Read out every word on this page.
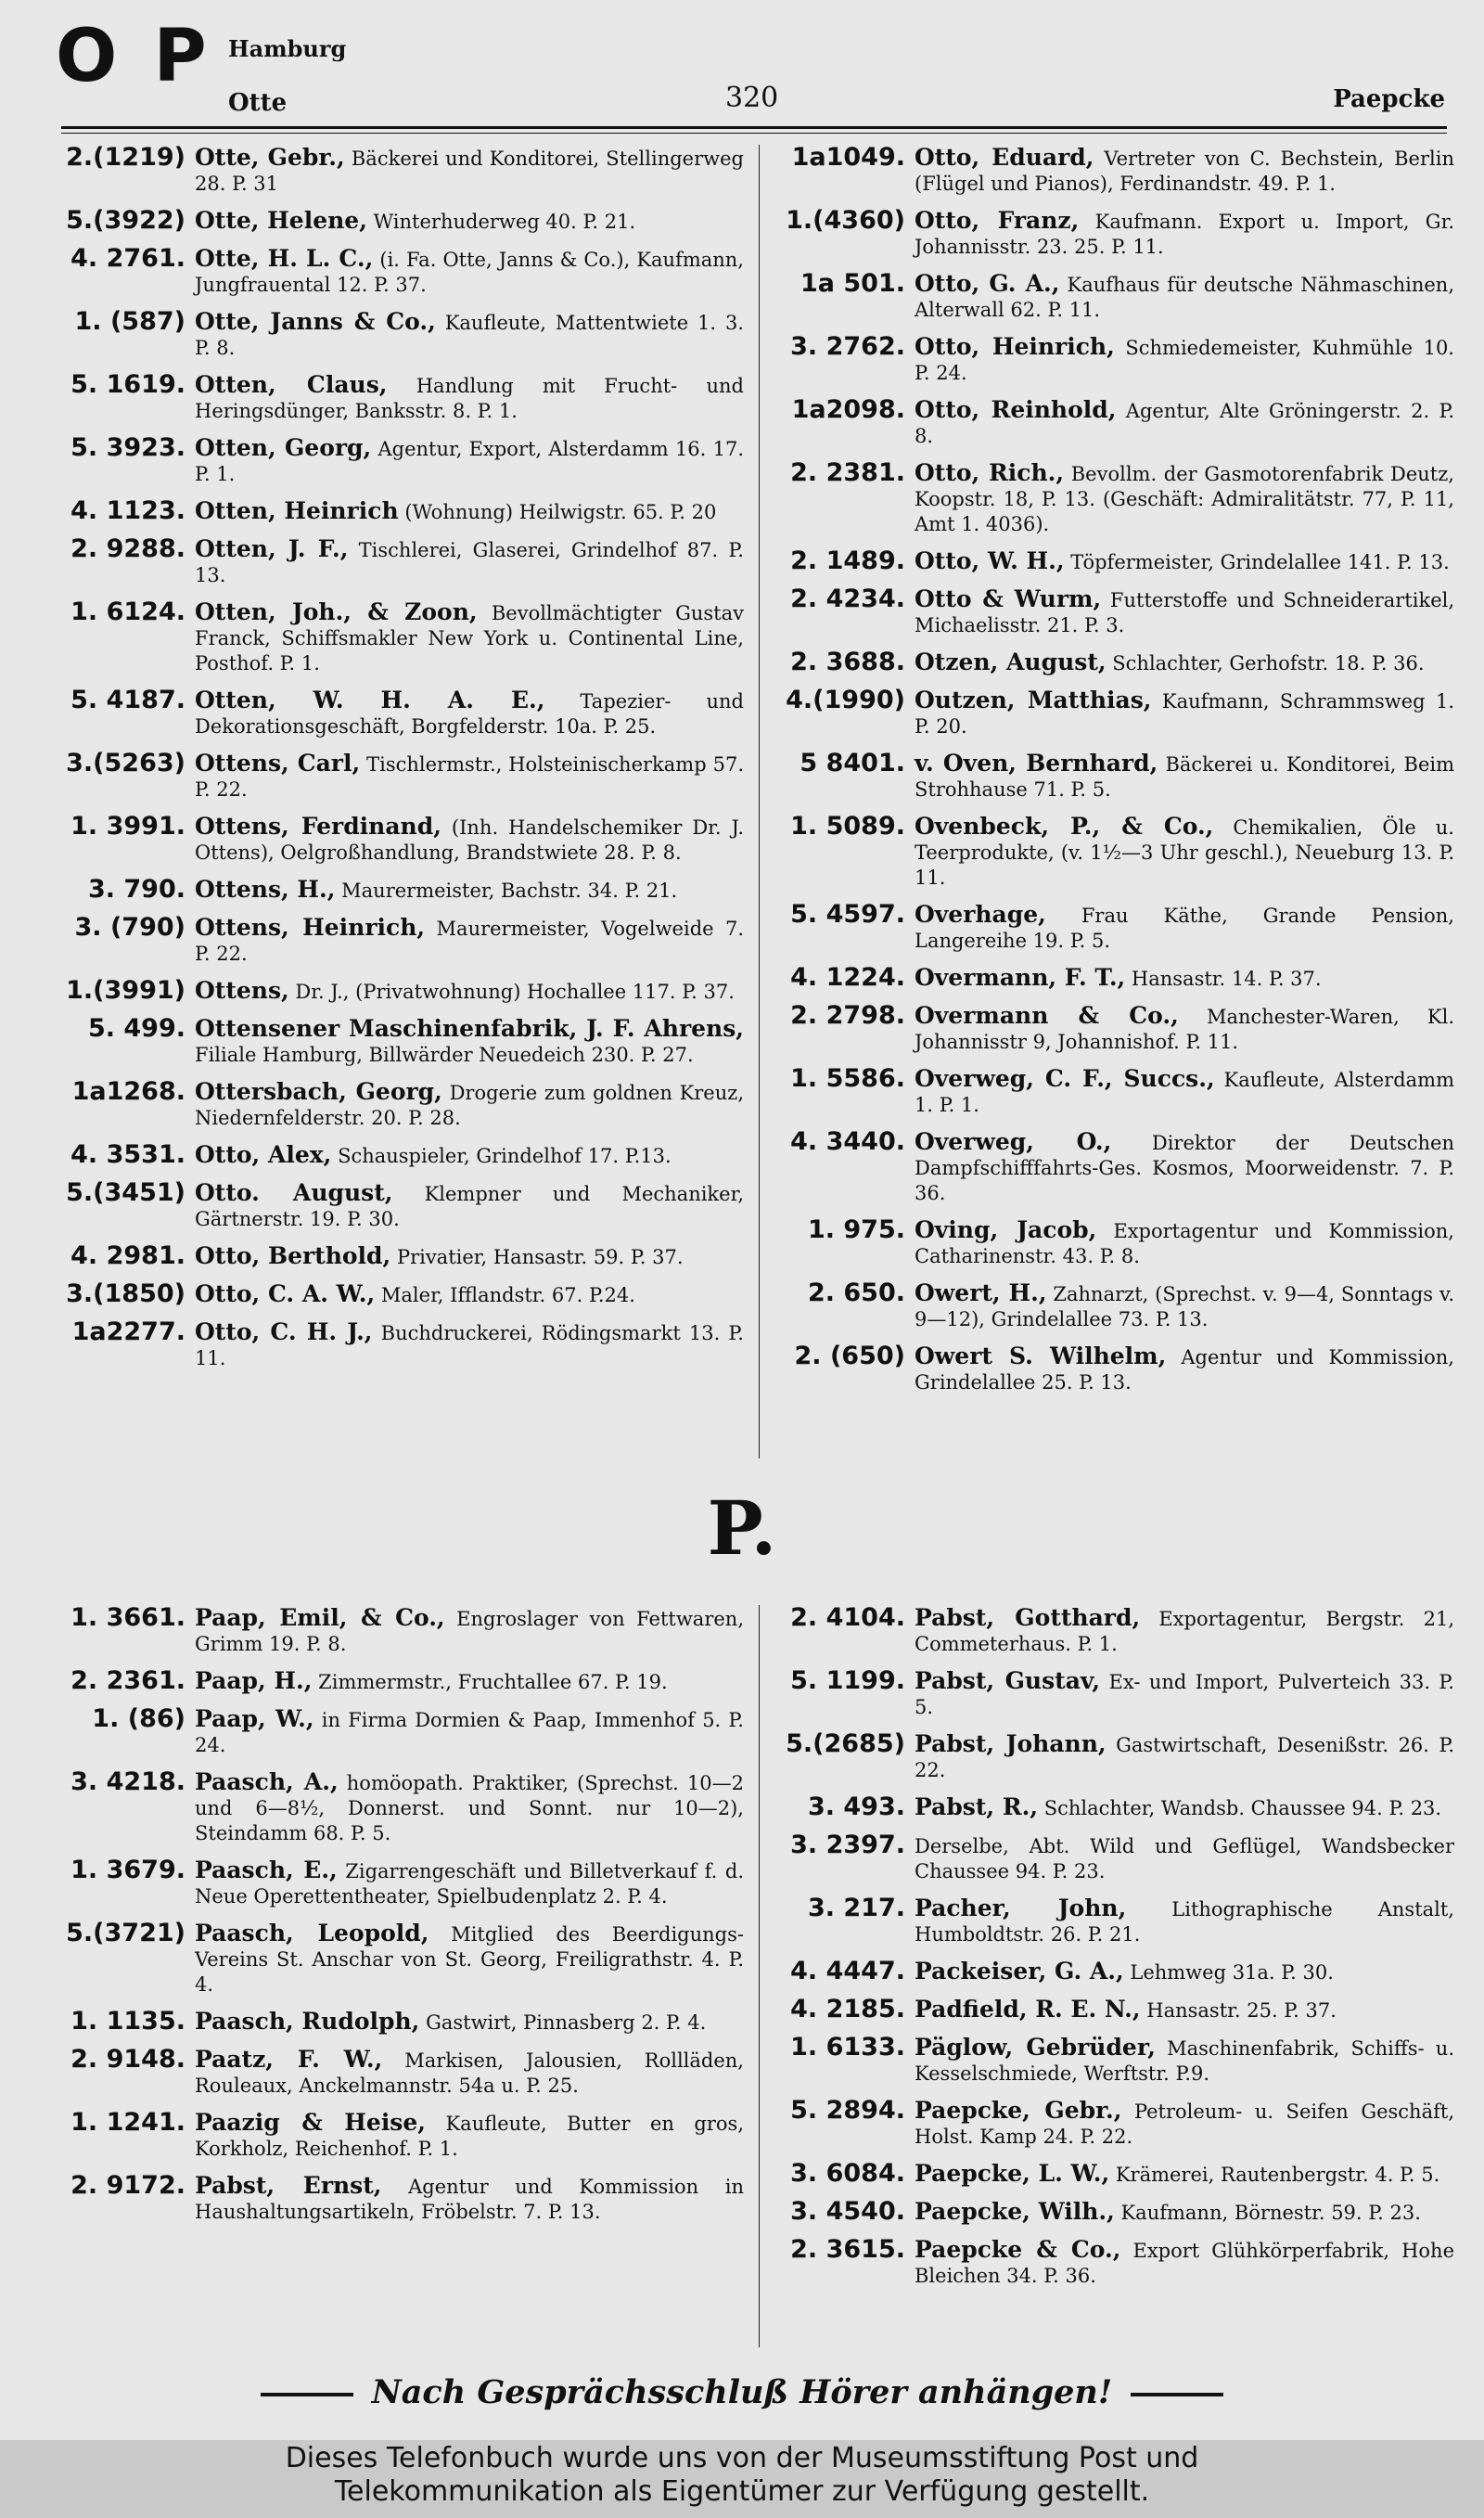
O P Hamburg
Otte	320	Paepcke
2.(1219) Otte, Gebr., Bäckerei und Konditorei, Stellingerweg 28. P. 31
5.(3922) Otte, Helene, Winterhuderweg 40. P. 21.
4. 2761. Otte, H. L. C., (i. Fa. Otte, Janns & Co.), Kaufmann, Jungfrauental 12. P. 37.
1. (587) Otte, Janns & Co., Kaufleute, Mattentwiete 1. 3. P. 8.
5. 1619. Otten, Claus, Handlung mit Frucht- und Heringsdünger, Banksstr. 8. P. 1.
5. 3923. Otten, Georg, Agentur, Export, Alsterdamm 16. 17. P. 1.
4. 1123. Otten, Heinrich (Wohnung) Heilwigstr. 65. P. 20
2. 9288. Otten, J. F., Tischlerei, Glaserei, Grindelhof 87. P. 13.
1. 6124. Otten, Joh., & Zoon, Bevollmächtigter Gustav Franck, Schiffsmakler New York u. Continental Line, Posthof. P. 1.
5. 4187. Otten, W. H. A. E., Tapezier- und Dekorationsgeschäft, Borgfelderstr. 10a. P. 25.
3.(5263) Ottens, Carl, Tischlermstr., Holsteinischerkamp 57. P. 22.
1. 3991. Ottens, Ferdinand, (Inh. Handelschemiker Dr. J. Ottens), Oelgroßhandlung, Brandstwiete 28. P. 8.
3. 790. Ottens, H., Maurermeister, Bachstr. 34. P. 21.
3. (790) Ottens, Heinrich, Maurermeister, Vogelweide 7. P. 22.
1.(3991) Ottens, Dr. J., (Privatwohnung) Hochallee 117. P. 37.
5. 499. Ottensener Maschinenfabrik, J. F. Ahrens, Filiale Hamburg, Billwärder Neuedeich 230. P. 27.
1a1268. Ottersbach, Georg, Drogerie zum goldnen Kreuz, Niedernfelderstr. 20. P. 28.
4. 3531. Otto, Alex, Schauspieler, Grindelhof 17. P.13.
5.(3451) Otto. August, Klempner und Mechaniker, Gärtnerstr. 19. P. 30.
4. 2981. Otto, Berthold, Privatier, Hansastr. 59. P. 37.
3.(1850) Otto, C. A. W., Maler, Ifflandstr. 67. P.24.
1a2277. Otto, C. H. J., Buchdruckerei, Rödingsmarkt 13. P. 11.
1a1049. Otto, Eduard, Vertreter von C. Bechstein, Berlin (Flügel und Pianos), Ferdinandstr. 49. P. 1.
1.(4360) Otto, Franz, Kaufmann. Export u. Import, Gr. Johannisstr. 23. 25. P. 11.
1a 501. Otto, G. A., Kaufhaus für deutsche Nähmaschinen, Alterwall 62. P. 11.
3. 2762. Otto, Heinrich, Schmiedemeister, Kuhmühle 10. P. 24.
1a2098. Otto, Reinhold, Agentur, Alte Gröningerstr. 2. P. 8.
2. 2381. Otto, Rich., Bevollm. der Gasmotorenfabrik Deutz, Koopstr. 18, P. 13. (Geschäft: Admiralitätstr. 77, P. 11, Amt 1. 4036).
2. 1489. Otto, W. H., Töpfermeister, Grindelallee 141. P. 13.
2. 4234. Otto & Wurm, Futterstoffe und Schneiderartikel, Michaelisstr. 21. P. 3.
2. 3688. Otzen, August, Schlachter, Gerhofstr. 18. P. 36.
4.(1990) Outzen, Matthias, Kaufmann, Schrammsweg 1. P. 20.
5 8401. v. Oven, Bernhard, Bäckerei u. Konditorei, Beim Strohhause 71. P. 5.
1. 5089. Ovenbeck, P., & Co., Chemikalien, Öle u. Teerprodukte, (v. 1½—3 Uhr geschl.), Neueburg 13. P. 11.
5. 4597. Overhage, Frau Käthe, Grande Pension, Langereihe 19. P. 5.
4. 1224. Overmann, F. T., Hansastr. 14. P. 37.
2. 2798. Overmann & Co., Manchester-Waren, Kl. Johannisstr 9, Johannishof. P. 11.
1. 5586. Overweg, C. F., Succs., Kaufleute, Alsterdamm 1. P. 1.
4. 3440. Overweg, O., Direktor der Deutschen Dampfschifffahrts-Ges. Kosmos, Moorweidenstr. 7. P. 36.
1. 975. Oving, Jacob, Exportagentur und Kommission, Catharinenstr. 43. P. 8.
2. 650. Owert, H., Zahnarzt, (Sprechst. v. 9—4, Sonntags v. 9—12), Grindelallee 73. P. 13.
2. (650) Owert S. Wilhelm, Agentur und Kommission, Grindelallee 25. P. 13.
P.
1. 3661. Paap, Emil, & Co., Engroslager von Fettwaren, Grimm 19. P. 8.
2. 2361. Paap, H., Zimmermstr., Fruchtallee 67. P. 19.
1. (86) Paap, W., in Firma Dormien & Paap, Immenhof 5. P. 24.
3. 4218. Paasch, A., homöopath. Praktiker, (Sprechst. 10—2 und 6—8½, Donnerst. und Sonnt. nur 10—2), Steindamm 68. P. 5.
1. 3679. Paasch, E., Zigarrengeschäft und Billetverkauf f. d. Neue Operettentheater, Spielbudenplatz 2. P. 4.
5.(3721) Paasch, Leopold, Mitglied des Beerdigungs-Vereins St. Anschar von St. Georg, Freiligrathstr. 4. P. 4.
1. 1135. Paasch, Rudolph, Gastwirt, Pinnasberg 2. P. 4.
2. 9148. Paatz, F. W., Markisen, Jalousien, Rollläden, Rouleaux, Anckelmannstr. 54a u. P. 25.
1. 1241. Paazig & Heise, Kaufleute, Butter en gros, Korkholz, Reichenhof. P. 1.
2. 9172. Pabst, Ernst, Agentur und Kommission in Haushaltungsartikeln, Fröbelstr. 7. P. 13.
2. 4104. Pabst, Gotthard, Exportagentur, Bergstr. 21, Commeterhaus. P. 1.
5. 1199. Pabst, Gustav, Ex- und Import, Pulverteich 33. P. 5.
5.(2685) Pabst, Johann, Gastwirtschaft, Desenißstr. 26. P. 22.
3. 493. Pabst, R., Schlachter, Wandsb. Chaussee 94. P. 23.
3. 2397. Derselbe, Abt. Wild und Geflügel, Wandsbecker Chaussee 94. P. 23.
3. 217. Pacher, John, Lithographische Anstalt, Humboldtstr. 26. P. 21.
4. 4447. Packeiser, G. A., Lehmweg 31a. P. 30.
4. 2185. Padfield, R. E. N., Hansastr. 25. P. 37.
1. 6133. Päglow, Gebrüder, Maschinenfabrik, Schiffs- u. Kesselschmiede, Werftstr. P.9.
5. 2894. Paepcke, Gebr., Petroleum- u. Seifen Geschäft, Holst. Kamp 24. P. 22.
3. 6084. Paepcke, L. W., Krämerei, Rautenbergstr. 4. P. 5.
3. 4540. Paepcke, Wilh., Kaufmann, Börnestr. 59. P. 23.
2. 3615. Paepcke & Co., Export Glühkörperfabrik, Hohe Bleichen 34. P. 36.
Nach Gesprächsschluß Hörer anhängen!
Dieses Telefonbuch wurde uns von der Museumsstiftung Post und
Telekommunikation als Eigentümer zur Verfügung gestellt.
